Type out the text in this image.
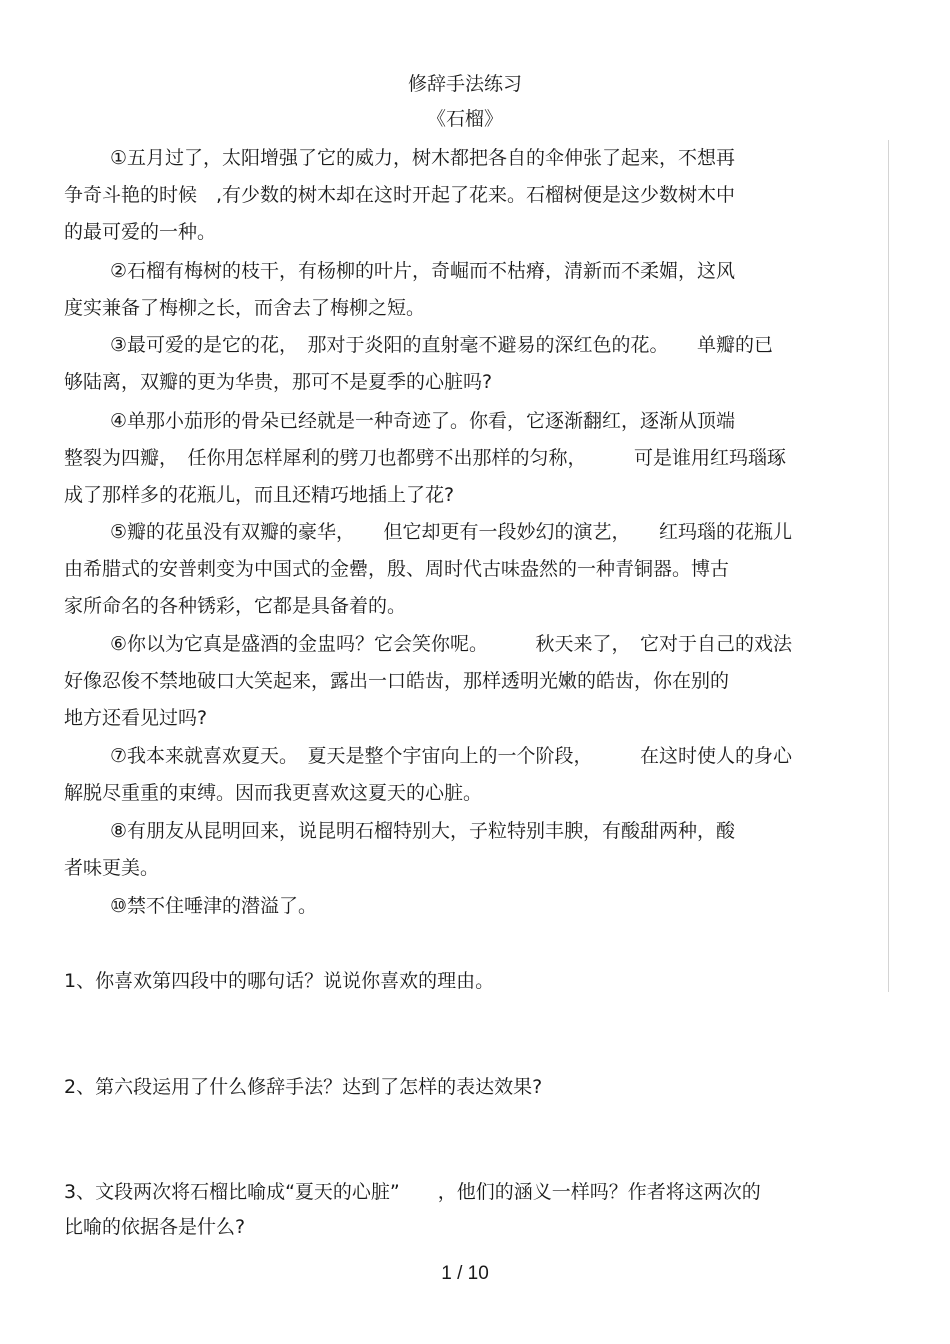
修辞手法练习
《石榴》
①五月过了，太阳增强了它的威力，树木都把各自的伞伸张了起来，不想再
争奇斗艳的时候　,有少数的树木却在这时开起了花来。石榴树便是这少数树木中
的最可爱的一种。
②石榴有梅树的枝干，有杨柳的叶片，奇崛而不枯瘠，清新而不柔媚，这风
度实兼备了梅柳之长，而舍去了梅柳之短。
③最可爱的是它的花，　那对于炎阳的直射毫不避易的深红色的花。　　单瓣的已
够陆离，双瓣的更为华贵，那可不是夏季的心脏吗?
④单那小茄形的骨朵已经就是一种奇迹了。你看，它逐渐翻红，逐渐从顶端
整裂为四瓣，　任你用怎样犀利的劈刀也都劈不出那样的匀称，　　　可是谁用红玛瑙琢
成了那样多的花瓶儿，而且还精巧地插上了花?
⑤瓣的花虽没有双瓣的豪华，　　但它却更有一段妙幻的演艺，　　红玛瑙的花瓶儿
由希腊式的安普剌变为中国式的金罍，殷、周时代古味盎然的一种青铜器。博古
家所命名的各种锈彩，它都是具备着的。
⑥你以为它真是盛酒的金盅吗？它会笑你呢。　　　秋天来了，　它对于自己的戏法
好像忍俊不禁地破口大笑起来，露出一口皓齿，那样透明光嫩的皓齿，你在别的
地方还看见过吗?
⑦我本来就喜欢夏天。　夏天是整个宇宙向上的一个阶段，　　　在这时使人的身心
解脱尽重重的束缚。因而我更喜欢这夏天的心脏。
⑧有朋友从昆明回来，说昆明石榴特别大，子粒特别丰腴，有酸甜两种，酸
者味更美。
⑩禁不住唾津的潜溢了。
1、你喜欢第四段中的哪句话？说说你喜欢的理由。
2、第六段运用了什么修辞手法？达到了怎样的表达效果?
3、文段两次将石榴比喻成“夏天的心脏”　　，他们的涵义一样吗？作者将这两次的
比喻的依据各是什么?
1 / 10
